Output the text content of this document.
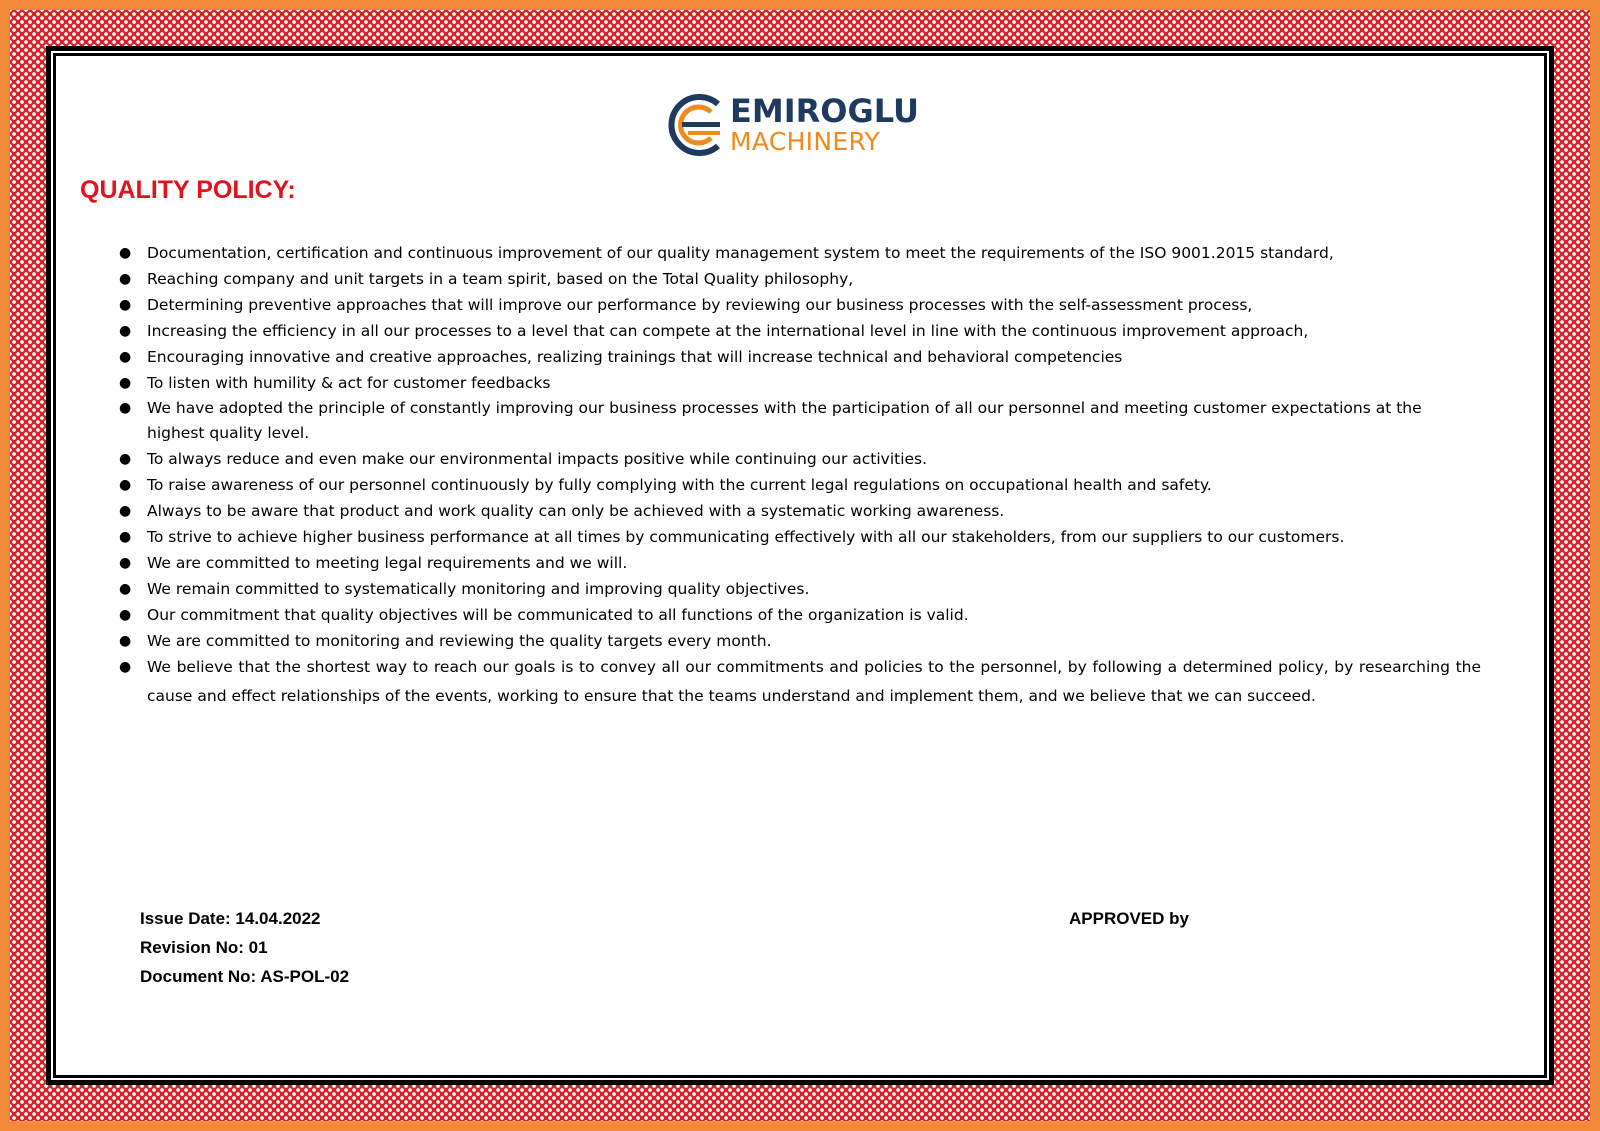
EMIROGLU
MACHINERY
QUALITY POLICY:
● Documentation, certification and continuous improvement of our quality management system to meet the requirements of the ISO 9001.2015 standard,
● Reaching company and unit targets in a team spirit, based on the Total Quality philosophy,
● Determining preventive approaches that will improve our performance by reviewing our business processes with the self-assessment process,
● Increasing the efficiency in all our processes to a level that can compete at the international level in line with the continuous improvement approach,
● Encouraging innovative and creative approaches, realizing trainings that will increase technical and behavioral competencies
● To listen with humility & act for customer feedbacks
● We have adopted the principle of constantly improving our business processes with the participation of all our personnel and meeting customer expectations at the highest quality level.
● To always reduce and even make our environmental impacts positive while continuing our activities.
● To raise awareness of our personnel continuously by fully complying with the current legal regulations on occupational health and safety.
● Always to be aware that product and work quality can only be achieved with a systematic working awareness.
● To strive to achieve higher business performance at all times by communicating effectively with all our stakeholders, from our suppliers to our customers.
● We are committed to meeting legal requirements and we will.
● We remain committed to systematically monitoring and improving quality objectives.
● Our commitment that quality objectives will be communicated to all functions of the organization is valid.
● We are committed to monitoring and reviewing the quality targets every month.
● We believe that the shortest way to reach our goals is to convey all our commitments and policies to the personnel, by following a determined policy, by researching the cause and effect relationships of the events, working to ensure that the teams understand and implement them, and we believe that we can succeed.
Issue Date: 14.04.2022
Revision No: 01
Document No: AS-POL-02
APPROVED by
